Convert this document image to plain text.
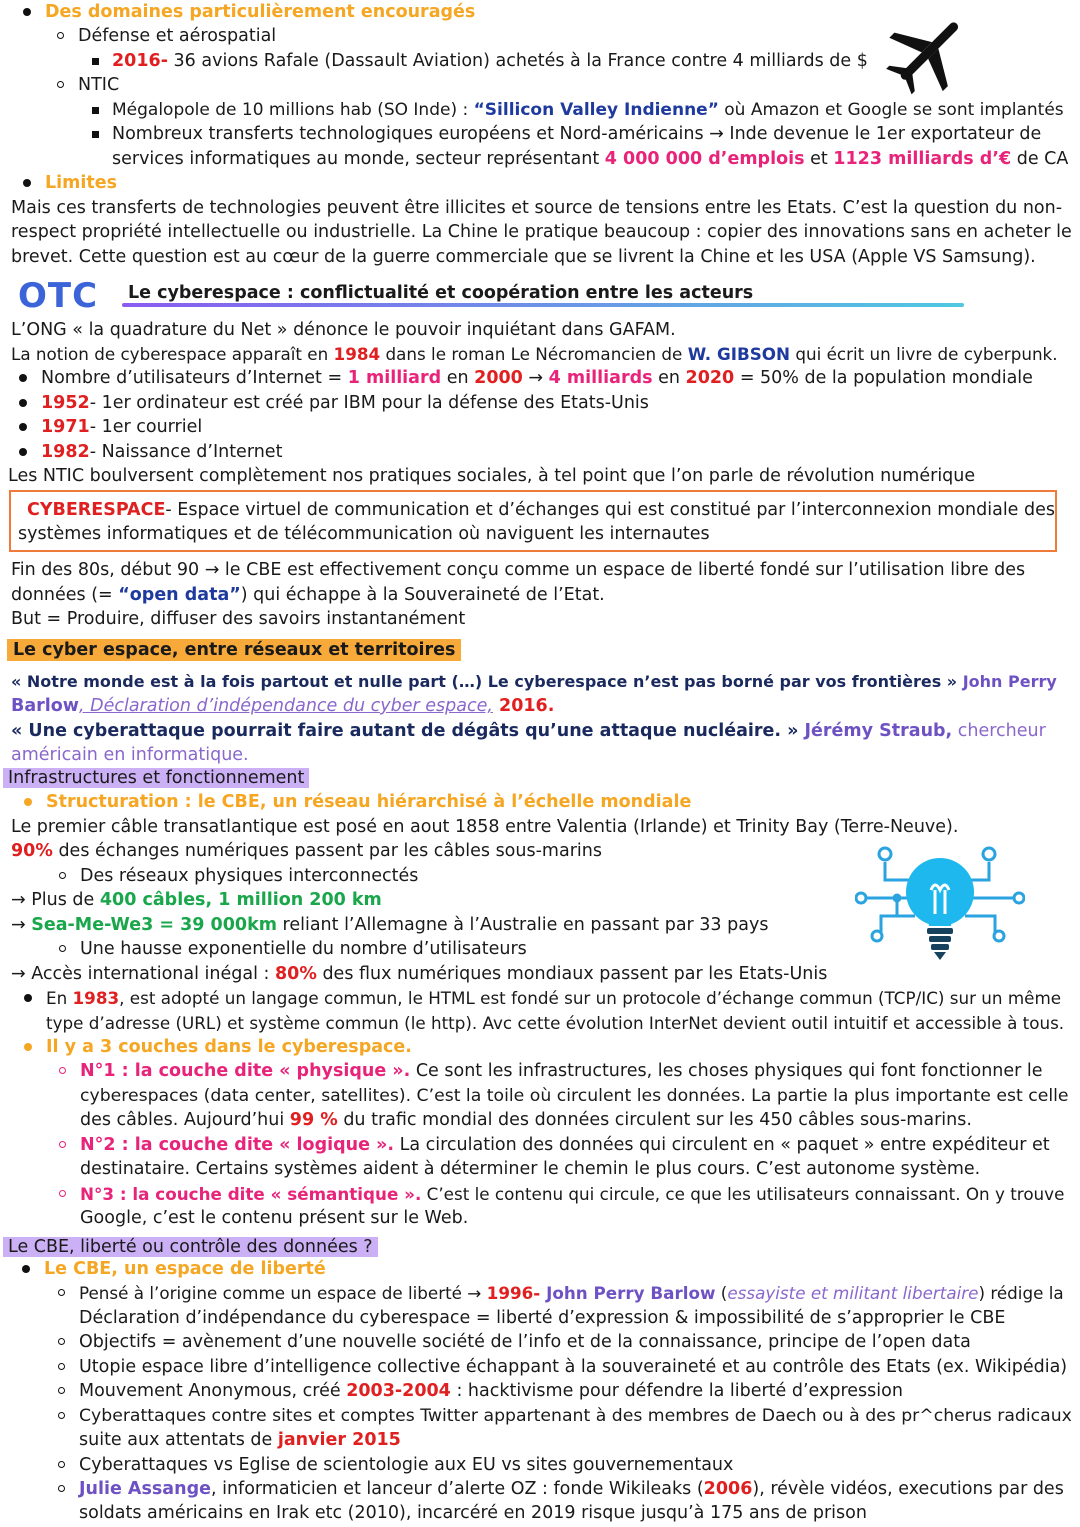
Des domaines particulièrement encouragés
Défense et aérospatial
2016- 36 avions Rafale (Dassault Aviation) achetés à la France contre 4 milliards de $
NTIC
Mégalopole de 10 millions hab (SO Inde) : “Sillicon Valley Indienne” où Amazon et Google se sont implantés
Nombreux transferts technologiques européens et Nord-américains → Inde devenue le 1er exportateur de
services informatiques au monde, secteur représentant 4 000 000 d’emplois et 1123 milliards d’€ de CA
Limites
Mais ces transferts de technologies peuvent être illicites et source de tensions entre les Etats. C’est la question du non-
respect propriété intellectuelle ou industrielle. La Chine le pratique beaucoup : copier des innovations sans en acheter le
brevet. Cette question est au cœur de la guerre commerciale que se livrent la Chine et les USA (Apple VS Samsung).
OTC Le cyberespace : conflictualité et coopération entre les acteurs
L’ONG « la quadrature du Net » dénonce le pouvoir inquiétant dans GAFAM.
La notion de cyberespace apparaît en 1984 dans le roman Le Nécromancien de W. GIBSON qui écrit un livre de cyberpunk.
Nombre d’utilisateurs d’Internet = 1 milliard en 2000 → 4 milliards en 2020 = 50% de la population mondiale
1952- 1er ordinateur est créé par IBM pour la défense des Etats-Unis
1971- 1er courriel
1982- Naissance d’Internet
Les NTIC boulversent complètement nos pratiques sociales, à tel point que l’on parle de révolution numérique
CYBERESPACE- Espace virtuel de communication et d’échanges qui est constitué par l’interconnexion mondiale des
systèmes informatiques et de télécommunication où naviguent les internautes
Fin des 80s, début 90 → le CBE est effectivement conçu comme un espace de liberté fondé sur l’utilisation libre des
données (= “open data”) qui échappe à la Souveraineté de l’Etat.
But = Produire, diffuser des savoirs instantanément
Le cyber espace, entre réseaux et territoires
« Notre monde est à la fois partout et nulle part (…) Le cyberespace n’est pas borné par vos frontières » John Perry
Barlow, Déclaration d’indépendance du cyber espace, 2016.
« Une cyberattaque pourrait faire autant de dégâts qu’une attaque nucléaire. » Jérémy Straub, chercheur
américain en informatique.
Infrastructures et fonctionnement
Structuration : le CBE, un réseau hiérarchisé à l’échelle mondiale
Le premier câble transatlantique est posé en aout 1858 entre Valentia (Irlande) et Trinity Bay (Terre-Neuve).
90% des échanges numériques passent par les câbles sous-marins
Des réseaux physiques interconnectés
→ Plus de 400 câbles, 1 million 200 km
→ Sea-Me-We3 = 39 000km reliant l’Allemagne à l’Australie en passant par 33 pays
Une hausse exponentielle du nombre d’utilisateurs
→ Accès international inégal : 80% des flux numériques mondiaux passent par les Etats-Unis
En 1983, est adopté un langage commun, le HTML est fondé sur un protocole d’échange commun (TCP/IC) sur un même
type d’adresse (URL) et système commun (le http). Avc cette évolution InterNet devient outil intuitif et accessible à tous.
Il y a 3 couches dans le cyberespace.
N°1 : la couche dite « physique ». Ce sont les infrastructures, les choses physiques qui font fonctionner le
cyberespaces (data center, satellites). C’est la toile où circulent les données. La partie la plus importante est celle
des câbles. Aujourd’hui 99 % du trafic mondial des données circulent sur les 450 câbles sous-marins.
N°2 : la couche dite « logique ». La circulation des données qui circulent en « paquet » entre expéditeur et
destinataire. Certains systèmes aident à déterminer le chemin le plus cours. C’est autonome système.
N°3 : la couche dite « sémantique ». C’est le contenu qui circule, ce que les utilisateurs connaissant. On y trouve
Google, c’est le contenu présent sur le Web.
Le CBE, liberté ou contrôle des données ?
Le CBE, un espace de liberté
Pensé à l’origine comme un espace de liberté → 1996- John Perry Barlow (essayiste et militant libertaire) rédige la
Déclaration d’indépendance du cyberespace = liberté d’expression & impossibilité de s’approprier le CBE
Objectifs = avènement d’une nouvelle société de l’info et de la connaissance, principe de l’open data
Utopie espace libre d’intelligence collective échappant à la souveraineté et au contrôle des Etats (ex. Wikipédia)
Mouvement Anonymous, créé 2003-2004 : hacktivisme pour défendre la liberté d’expression
Cyberattaques contre sites et comptes Twitter appartenant à des membres de Daech ou à des pr^cherus radicaux
suite aux attentats de janvier 2015
Cyberattaques vs Eglise de scientologie aux EU vs sites gouvernementaux
Julie Assange, informaticien et lanceur d’alerte OZ : fonde Wikileaks (2006), révèle vidéos, executions par des
soldats américains en Irak etc (2010), incarcéré en 2019 risque jusqu’à 175 ans de prison
